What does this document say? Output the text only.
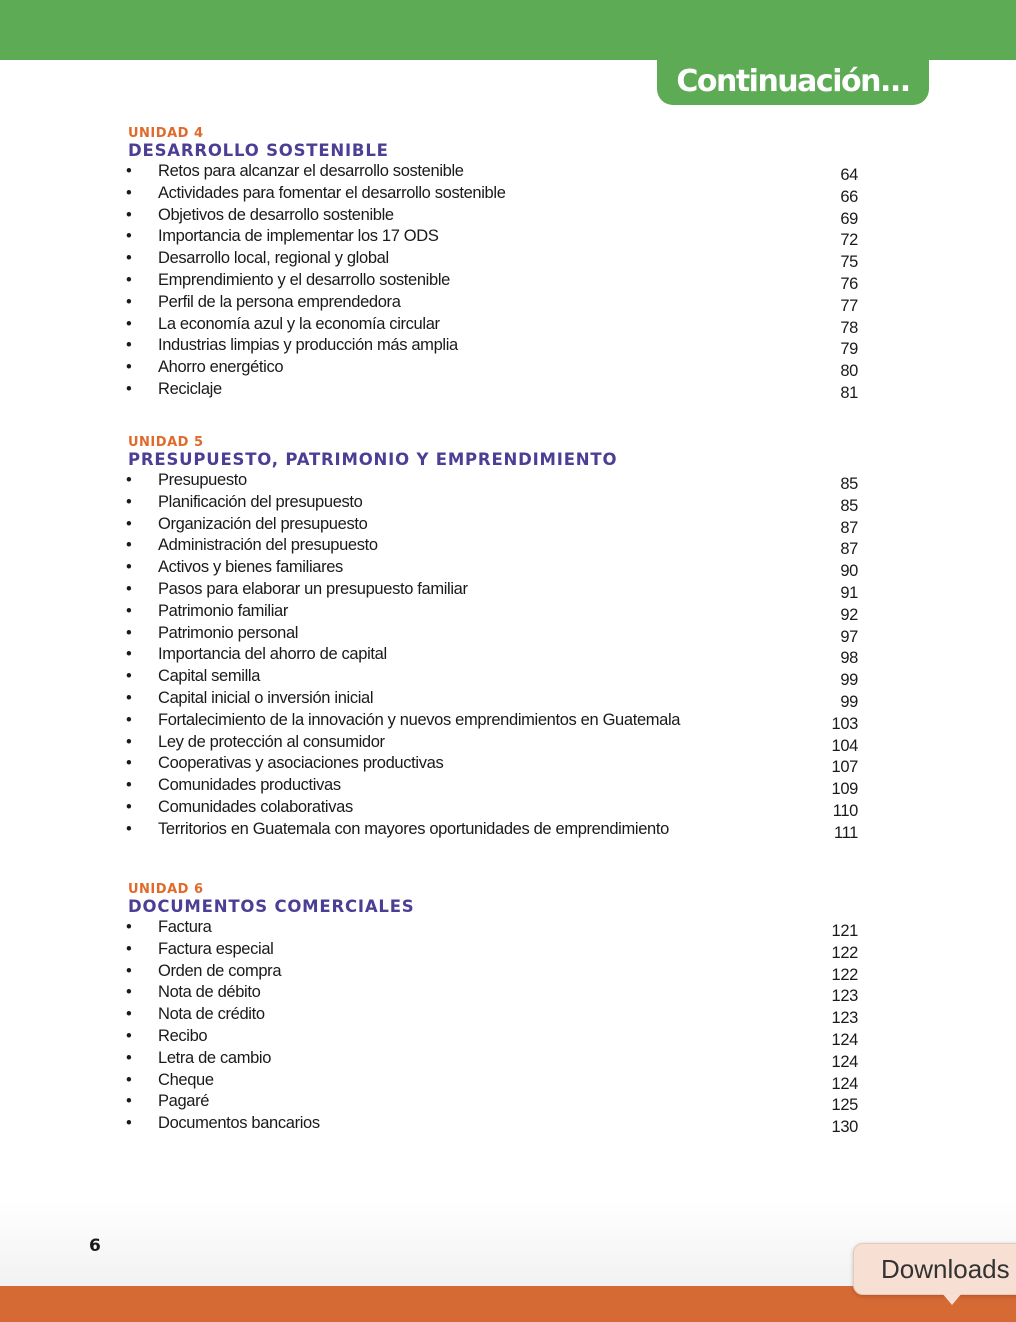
Continuación...
UNIDAD 4
DESARROLLO SOSTENIBLE
• Retos para alcanzar el desarrollo sostenible	64
• Actividades para fomentar el desarrollo sostenible	66
• Objetivos de desarrollo sostenible	69
• Importancia de implementar los 17 ODS	72
• Desarrollo local, regional y global	75
• Emprendimiento y el desarrollo sostenible	76
• Perfil de la persona emprendedora	77
• La economía azul y la economía circular	78
• Industrias limpias y producción más amplia	79
• Ahorro energético	80
• Reciclaje	81
UNIDAD 5
PRESUPUESTO, PATRIMONIO Y EMPRENDIMIENTO
• Presupuesto	85
• Planificación del presupuesto	85
• Organización del presupuesto	87
• Administración del presupuesto	87
• Activos y bienes familiares	90
• Pasos para elaborar un presupuesto familiar	91
• Patrimonio familiar	92
• Patrimonio personal	97
• Importancia del ahorro de capital	98
• Capital semilla	99
• Capital inicial o inversión inicial	99
• Fortalecimiento de la innovación y nuevos emprendimientos en Guatemala	103
• Ley de protección al consumidor	104
• Cooperativas y asociaciones productivas	107
• Comunidades productivas	109
• Comunidades colaborativas	110
• Territorios en Guatemala con mayores oportunidades de emprendimiento	111
UNIDAD 6
DOCUMENTOS COMERCIALES
• Factura	121
• Factura especial	122
• Orden de compra	122
• Nota de débito	123
• Nota de crédito	123
• Recibo	124
• Letra de cambio	124
• Cheque	124
• Pagaré	125
• Documentos bancarios	130
6
Downloads
